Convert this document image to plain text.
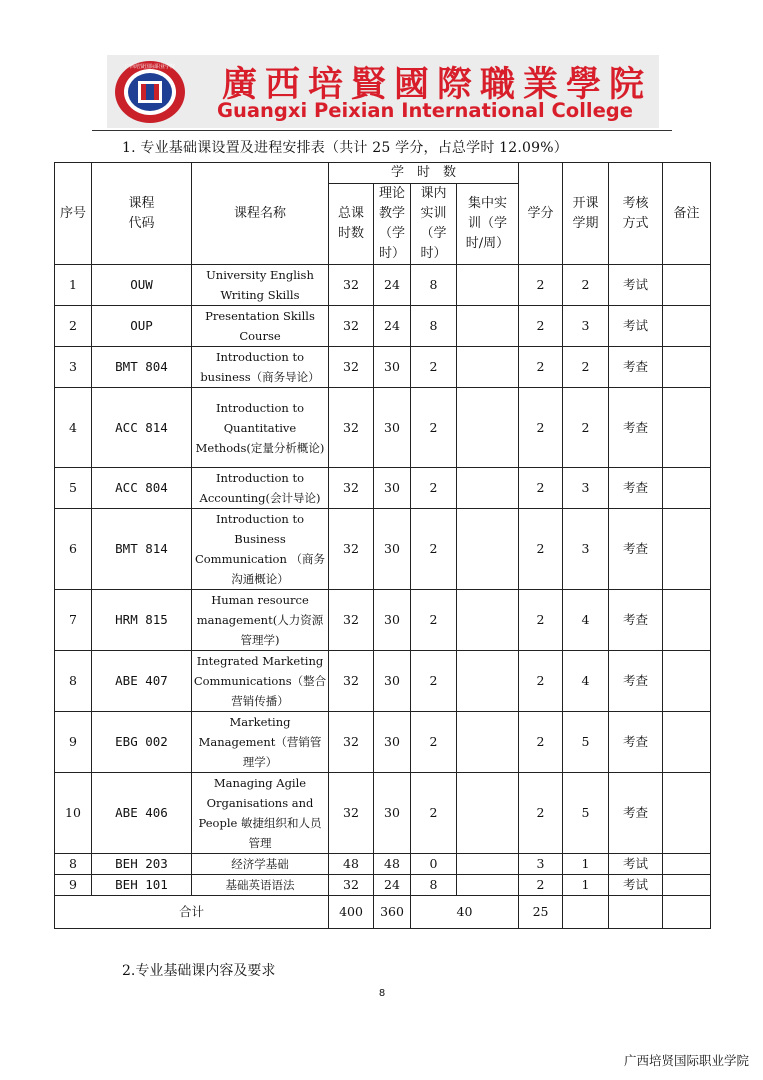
广西培贤国际职业学院 廣西培賢國際職業學院
Guangxi Peixian International College
1. 专业基础课设置及进程安排表（共计 25 学分，占总学时 12.09%）
序号	课程代码	课程名称	学　时　数				学分	开课学期	考核方式	备注

			总课时数	理论教学（学时）	课内实训（学时）	集中实训（学时/周）				

1	OUW	University English Writing Skills	32	24	8		2	2	考试	
2	OUP	Presentation Skills Course	32	24	8		2	3	考试	
3	BMT 804	Introduction to business（商务导论）	32	30	2		2	2	考查	
4	ACC 814	Introduction to Quantitative Methods(定量分析概论)	32	30	2		2	2	考查	
5	ACC 804	Introduction to Accounting(会计导论)	32	30	2		2	3	考查	
6	BMT 814	Introduction to Business Communication （商务沟通概论）	32	30	2		2	3	考查	
7	HRM 815	Human resource management(人力资源管理学)	32	30	2		2	4	考查	
8	ABE 407	Integrated Marketing Communications（整合营销传播）	32	30	2		2	4	考查	
9	EBG 002	Marketing Management（营销管理学）	32	30	2		2	5	考查	
10	ABE 406	Managing Agile Organisations and People 敏捷组织和人员管理	32	30	2		2	5	考查	
8	BEH 203	经济学基础	48	48	0		3	1	考试	
9	BEH 101	基础英语语法	32	24	8		2	1	考试	
合计			400	360	40		25			
2.专业基础课内容及要求
8
广西培贤国际职业学院
